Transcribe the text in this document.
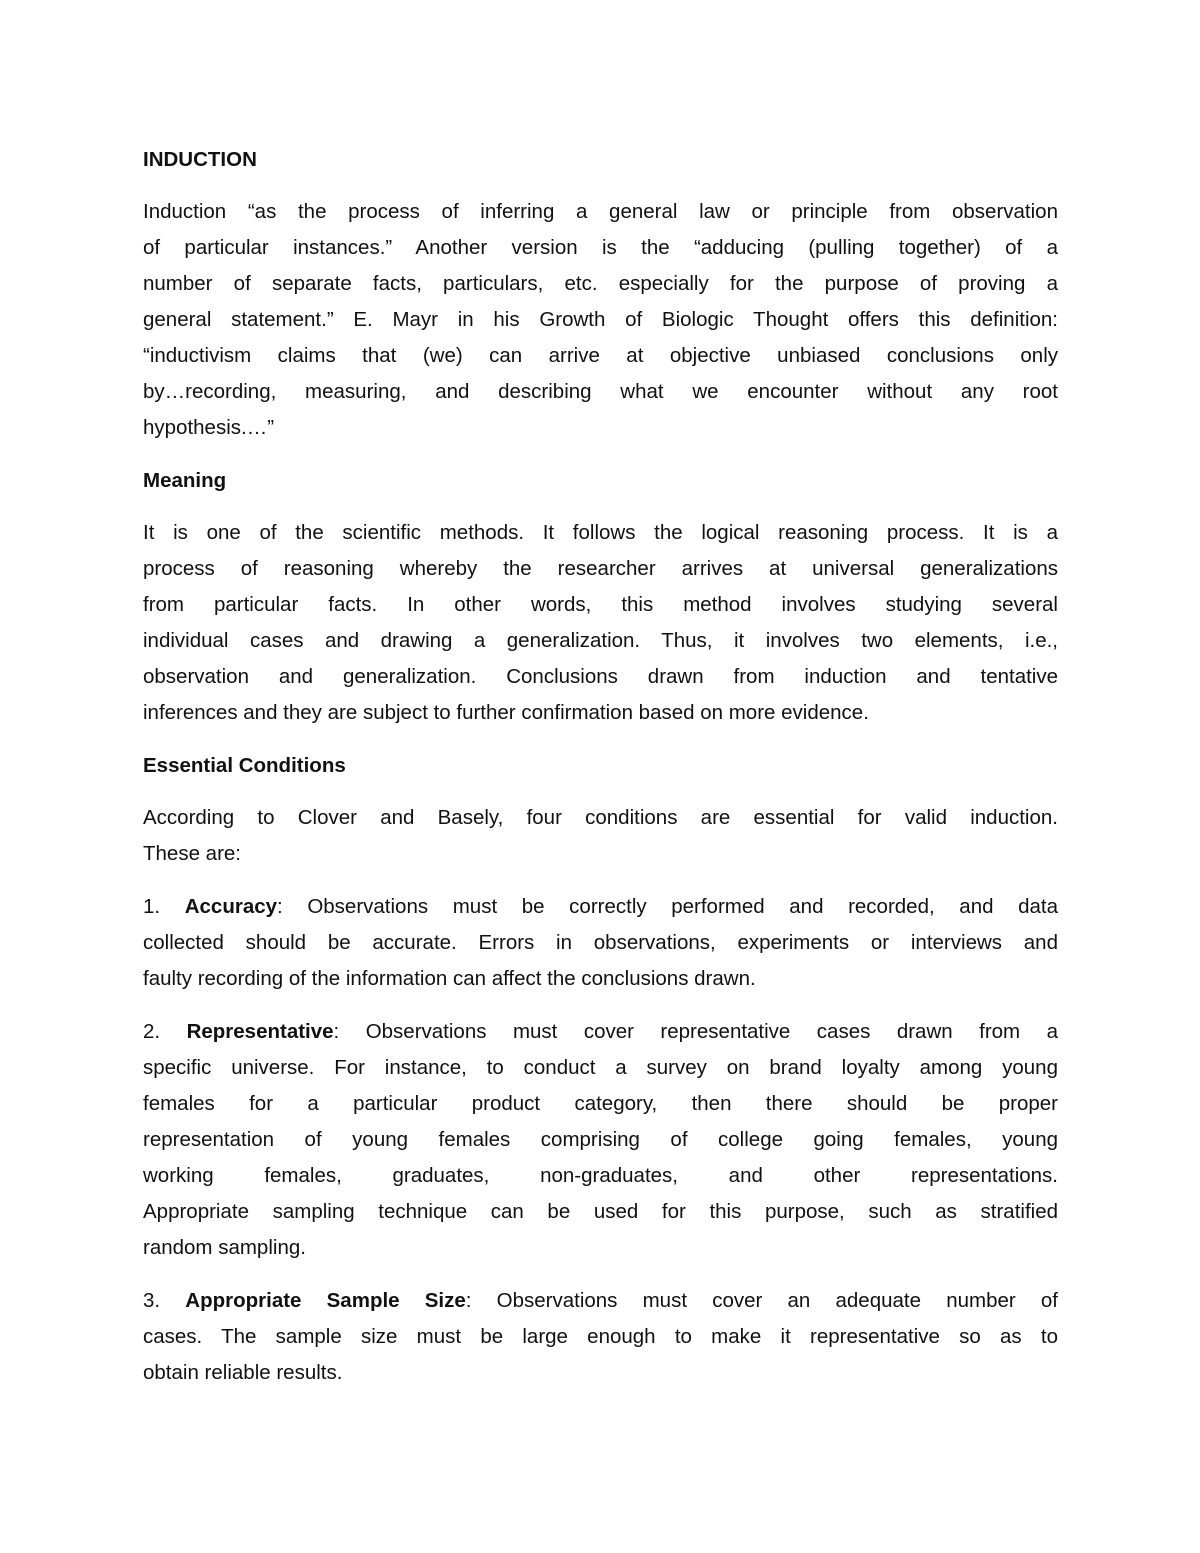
INDUCTION
Induction “as the process of inferring a general law or principle from observation
of particular instances.” Another version is the “adducing (pulling together) of a
number of separate facts, particulars, etc. especially for the purpose of proving a
general statement.” E. Mayr in his Growth of Biologic Thought offers this definition:
“inductivism claims that (we) can arrive at objective unbiased conclusions only
by…recording, measuring, and describing what we encounter without any root
hypothesis.…”
Meaning
It is one of the scientific methods. It follows the logical reasoning process. It is a
process of reasoning whereby the researcher arrives at universal generalizations
from particular facts. In other words, this method involves studying several
individual cases and drawing a generalization. Thus, it involves two elements, i.e.,
observation and generalization. Conclusions drawn from induction and tentative
inferences and they are subject to further confirmation based on more evidence.
Essential Conditions
According to Clover and Basely, four conditions are essential for valid induction.
These are:
1. Accuracy: Observations must be correctly performed and recorded, and data
collected should be accurate. Errors in observations, experiments or interviews and
faulty recording of the information can affect the conclusions drawn.
2. Representative: Observations must cover representative cases drawn from a
specific universe. For instance, to conduct a survey on brand loyalty among young
females for a particular product category, then there should be proper
representation of young females comprising of college going females, young
working females, graduates, non-graduates, and other representations.
Appropriate sampling technique can be used for this purpose, such as stratified
random sampling.
3. Appropriate Sample Size: Observations must cover an adequate number of
cases. The sample size must be large enough to make it representative so as to
obtain reliable results.
